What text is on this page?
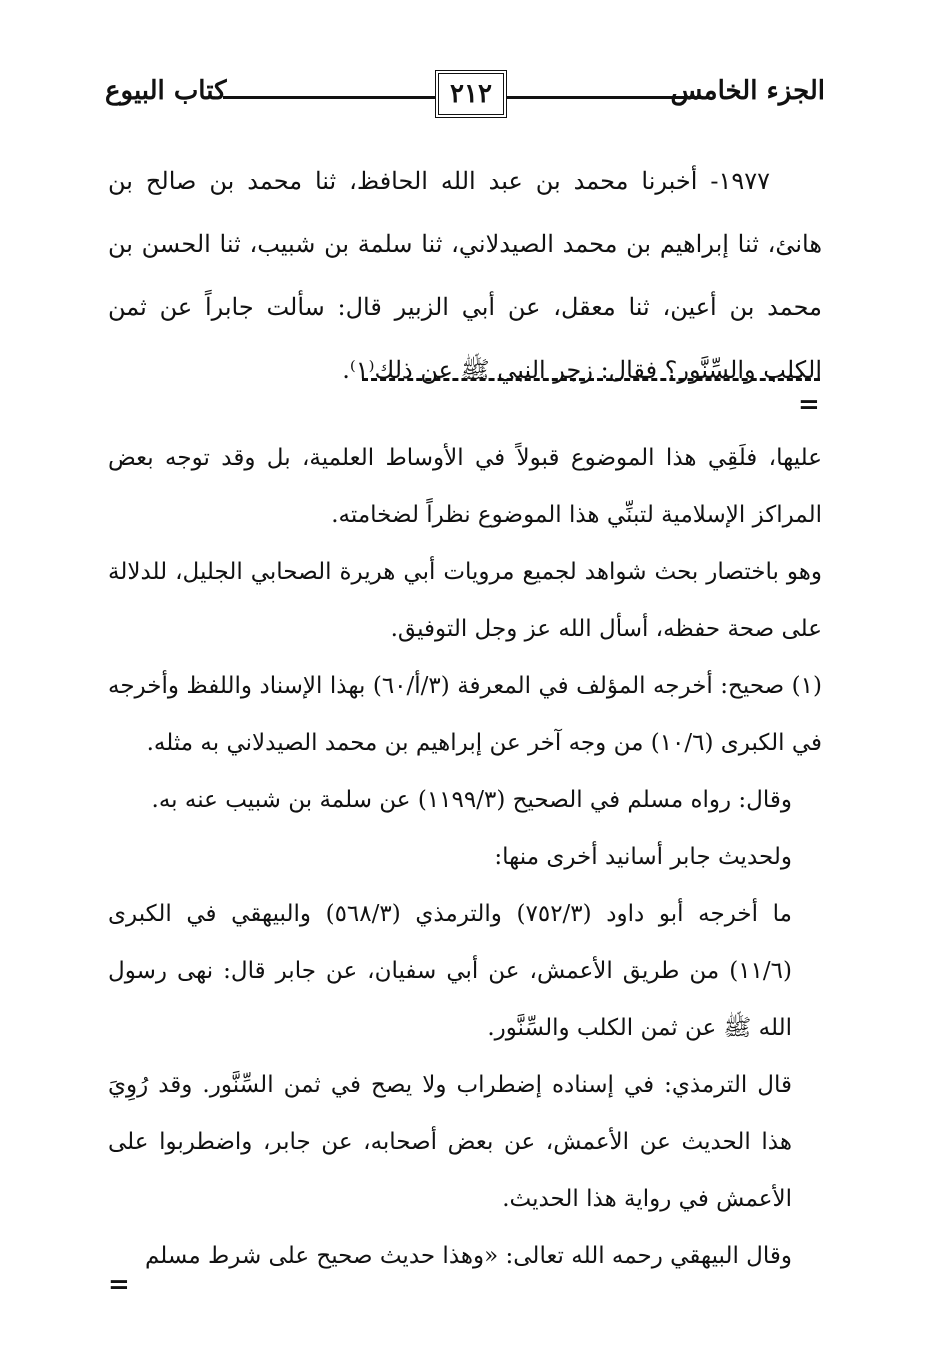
الجزء الخامس
كتاب البيوع	٢١٢

١٩٧٧- أخبرنا محمد بن عبد الله الحافظ، ثنا محمد بن صالح بن هانئ، ثنا إبراهيم بن محمد الصيدلاني، ثنا سلمة بن شبيب، ثنا الحسن بن محمد بن أعين، ثنا معقل، عن أبي الزبير قال: سألت جابراً عن ثمن الكلب والسِّنَّور؟ فقال: زجر النبي ﷺ عن ذلك⁽١⁾.

=

عليها، فلَقِي هذا الموضوع قبولاً في الأوساط العلمية، بل وقد توجه بعض المراكز الإسلامية لتبنِّي هذا الموضوع نظراً لضخامته.

وهو باختصار بحث شواهد لجميع مرويات أبي هريرة الصحابي الجليل، للدلالة على صحة حفظه، أسأل الله عز وجل التوفيق.

(١) صحيح: أخرجه المؤلف في المعرفة (٣/أ/٦٠) بهذا الإسناد واللفظ وأخرجه في الكبرى (١٠/٦) من وجه آخر عن إبراهيم بن محمد الصيدلاني به مثله.

وقال: رواه مسلم في الصحيح (١١٩٩/٣) عن سلمة بن شبيب عنه به.

ولحديث جابر أسانيد أخرى منها:

ما أخرجه أبو داود (٧٥٢/٣) والترمذي (٥٦٨/٣) والبيهقي في الكبرى (١١/٦) من طريق الأعمش، عن أبي سفيان، عن جابر قال: نهى رسول الله ﷺ عن ثمن الكلب والسِّنَّور.

قال الترمذي: في إسناده إضطراب ولا يصح في ثمن السِّنَّور. وقد رُوِيَ هذا الحديث عن الأعمش، عن بعض أصحابه، عن جابر، واضطربوا على الأعمش في رواية هذا الحديث.

وقال البيهقي رحمه الله تعالى: «وهذا حديث صحيح على شرط مسلم

=
